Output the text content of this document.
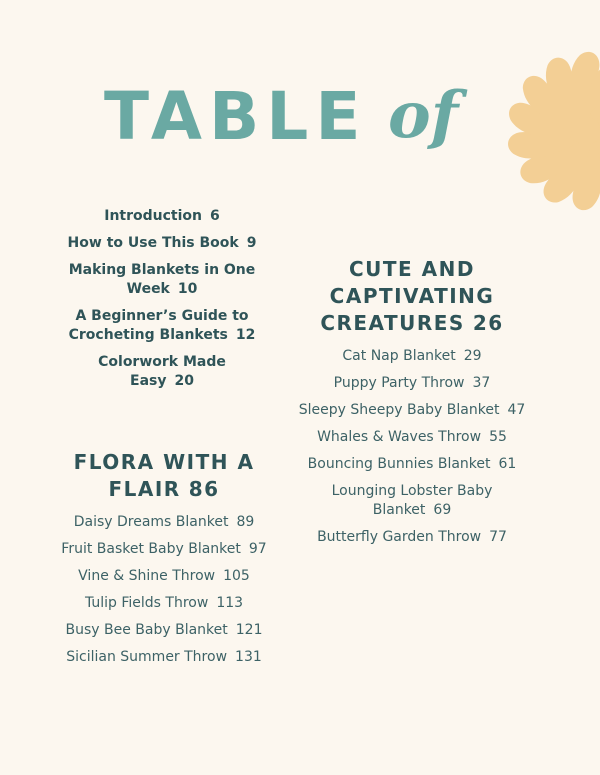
TABLE of
Introduction 6
How to Use This Book 9
Making Blankets in One Week 10
A Beginner’s Guide to Crocheting Blankets 12
Colorwork Made Easy 20
FLORA WITH A FLAIR 86
Daisy Dreams Blanket 89
Fruit Basket Baby Blanket 97
Vine & Shine Throw 105
Tulip Fields Throw 113
Busy Bee Baby Blanket 121
Sicilian Summer Throw 131
CUTE AND CAPTIVATING CREATURES 26
Cat Nap Blanket 29
Puppy Party Throw 37
Sleepy Sheepy Baby Blanket 47
Whales & Waves Throw 55
Bouncing Bunnies Blanket 61
Lounging Lobster Baby Blanket 69
Butterfly Garden Throw 77
